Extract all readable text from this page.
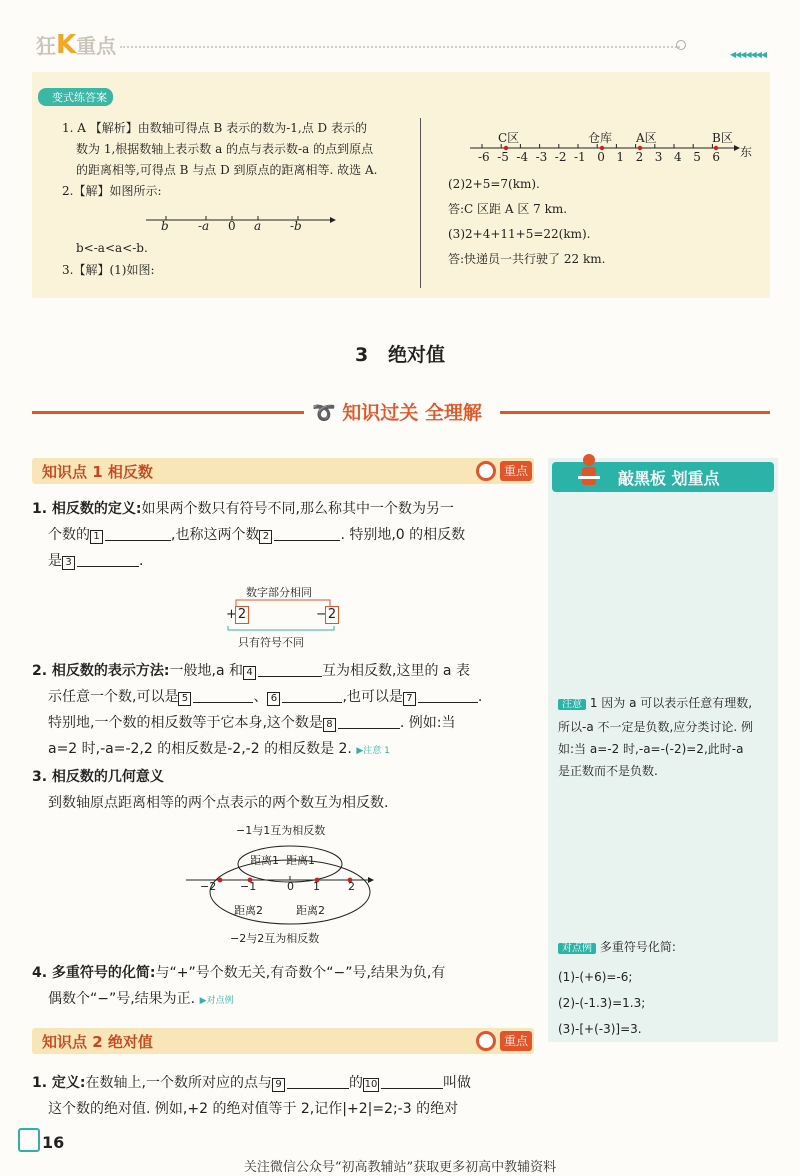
狂K重点	◀◀◀◀◀◀◀
变式练答案
1. A 【解析】由数轴可得点 B 表示的数为-1,点 D 表示的
数为 1,根据数轴上表示数 a 的点与表示数-a 的点到原点
的距离相等,可得点 B 与点 D 到原点的距离相等. 故选 A.
2.【解】如图所示:
b -a 0 a -b
b<-a<a<-b.
3.【解】(1)如图:
C区	仓库 A区	B区
-6 -5 -4 -3 -2 -1 0 1 2 3 4 5 6 东
(2)2+5=7(km).
答:C 区距 A 区 7 km.
(3)2+4+11+5=22(km).
答:快递员一共行驶了 22 km.
3 绝对值
➰ 知识过关 全理解
知识点 1 相反数	重点
1. 相反数的定义:如果两个数只有符号不同,那么称其中一个数为另一
个数的 1	,也称这两个数 2	. 特别地,0 的相反数
是 3	.
数字部分相同
+ 2	− 2
只有符号不同
2. 相反数的表示方法:一般地,a 和 4	互为相反数,这里的 a 表
示任意一个数,可以是 5	、 6	,也可以是 7	.
特别地,一个数的相反数等于它本身,这个数是 8	. 例如:当
a=2 时,-a=-2,2 的相反数是-2,-2 的相反数是 2. ▶注意 1
3. 相反数的几何意义
到数轴原点距离相等的两个点表示的两个数互为相反数.
−1与1互为相反数
距离1 距离1
−2 −1	0 1	2
距离2	距离2
−2与2互为相反数
4. 多重符号的化简:与“+”号个数无关,有奇数个“−”号,结果为负,有
偶数个“−”号,结果为正. ▶对点例
知识点 2 绝对值	重点
1. 定义:在数轴上,一个数所对应的点与 9	的 10	叫做
这个数的绝对值. 例如,+2 的绝对值等于 2,记作|+2|=2;-3 的绝对
敲黑板 划重点
注意 1 因为 a 可以表示任意有理数,
所以-a 不一定是负数,应分类讨论. 例
如:当 a=-2 时,-a=-(-2)=2,此时-a
是正数而不是负数.
对点例 多重符号化简:
(1)-(+6)=-6;
(2)-(-1.3)=1.3;
(3)-[+(-3)]=3.
16
关注微信公众号“初高教辅站”获取更多初高中教辅资料
